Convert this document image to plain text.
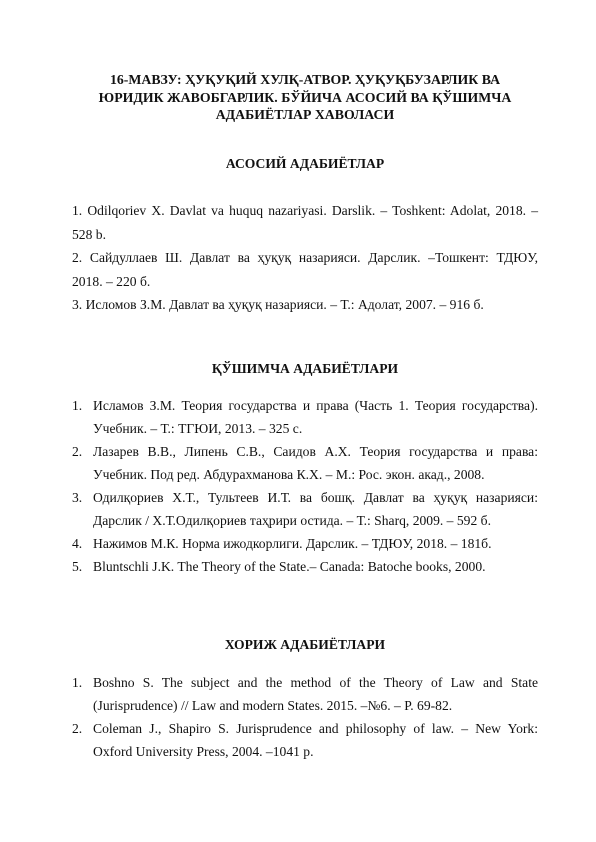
16-МАВЗУ: ҲУҚУҚИЙ ХУЛҚ-АТВОР. ҲУҚУҚБУЗАРЛИК ВА
ЮРИДИК ЖАВОБГАРЛИК. БЎЙИЧА АСОСИЙ ВА ҚЎШИМЧА
АДАБИЁТЛАР ХАВОЛАСИ
АСОСИЙ АДАБИЁТЛАР
1. Odilqoriev X. Davlat va huquq nazariyasi. Darslik. – Toshkent: Adolat, 2018. –
528 b.
2. Сайдуллаев Ш. Давлат ва ҳуқуқ назарияси. Дарслик. –Тошкент: ТДЮУ,
2018. – 220 б.
3. Исломов З.М. Давлат ва ҳуқуқ назарияси. – Т.: Адолат, 2007. – 916 б.
ҚЎШИМЧА АДАБИЁТЛАРИ
1. Исламов З.М. Теория государства и права (Часть 1. Теория государства).
Учебник. – Т.: ТГЮИ, 2013. – 325 с.
2. Лазарев В.В., Липень С.В., Саидов А.Х. Теория государства и права:
Учебник. Под ред. Абдурахманова К.Х. – М.: Рос. экон. акад., 2008.
3. Одилқориев Х.Т., Тультеев И.Т. ва бошқ. Давлат ва ҳуқуқ назарияси:
Дарслик / Х.Т.Одилқориев таҳрири остида. – Т.: Sharq, 2009. – 592 б.
4. Нажимов М.К. Норма ижодкорлиги. Дарслик. – ТДЮУ, 2018. – 181б.
5. Bluntschli J.K. The Theory of the State.– Canada: Batoche books, 2000.
ХОРИЖ АДАБИЁТЛАРИ
1. Boshno S. The subject and the method of the Theory of Law and State
(Jurisprudence) // Law and modern States. 2015. –№6. – P. 69-82.
2. Coleman J., Shapiro S. Jurisprudence and philosophy of law. – New York:
Oxford University Press, 2004. –1041 p.
